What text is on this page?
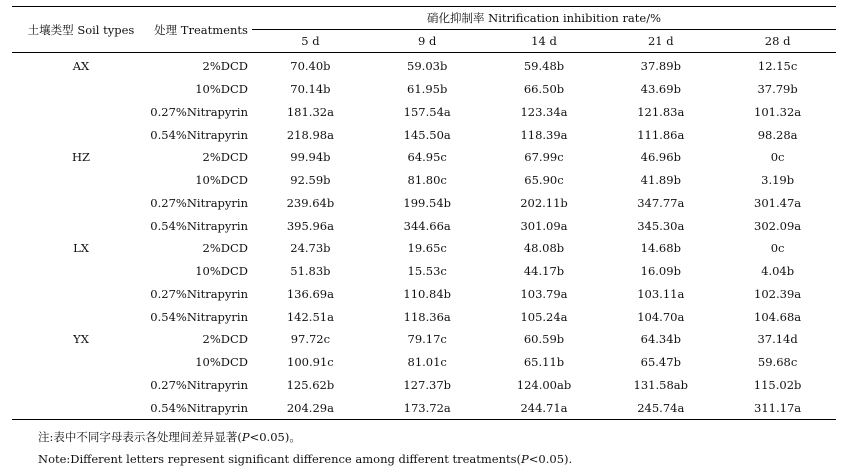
土壤类型 Soil types	处理 Treatments	硝化抑制率 Nitrification inhibition rate/%				
		5 d	9 d	14 d	21 d	28 d
AX	2%DCD	70.40b	59.03b	59.48b	37.89b	12.15c
	10%DCD	70.14b	61.95b	66.50b	43.69b	37.79b
	0.27%Nitrapyrin	181.32a	157.54a	123.34a	121.83a	101.32a
	0.54%Nitrapyrin	218.98a	145.50a	118.39a	111.86a	98.28a
HZ	2%DCD	99.94b	64.95c	67.99c	46.96b	0c
	10%DCD	92.59b	81.80c	65.90c	41.89b	3.19b
	0.27%Nitrapyrin	239.64b	199.54b	202.11b	347.77a	301.47a
	0.54%Nitrapyrin	395.96a	344.66a	301.09a	345.30a	302.09a
LX	2%DCD	24.73b	19.65c	48.08b	14.68b	0c
	10%DCD	51.83b	15.53c	44.17b	16.09b	4.04b
	0.27%Nitrapyrin	136.69a	110.84b	103.79a	103.11a	102.39a
	0.54%Nitrapyrin	142.51a	118.36a	105.24a	104.70a	104.68a
YX	2%DCD	97.72c	79.17c	60.59b	64.34b	37.14d
	10%DCD	100.91c	81.01c	65.11b	65.47b	59.68c
	0.27%Nitrapyrin	125.62b	127.37b	124.00ab	131.58ab	115.02b
	0.54%Nitrapyrin	204.29a	173.72a	244.71a	245.74a	311.17a
注:表中不同字母表示各处理间差异显著(P<0.05)。
Note:Different letters represent significant difference among different treatments(P<0.05).
